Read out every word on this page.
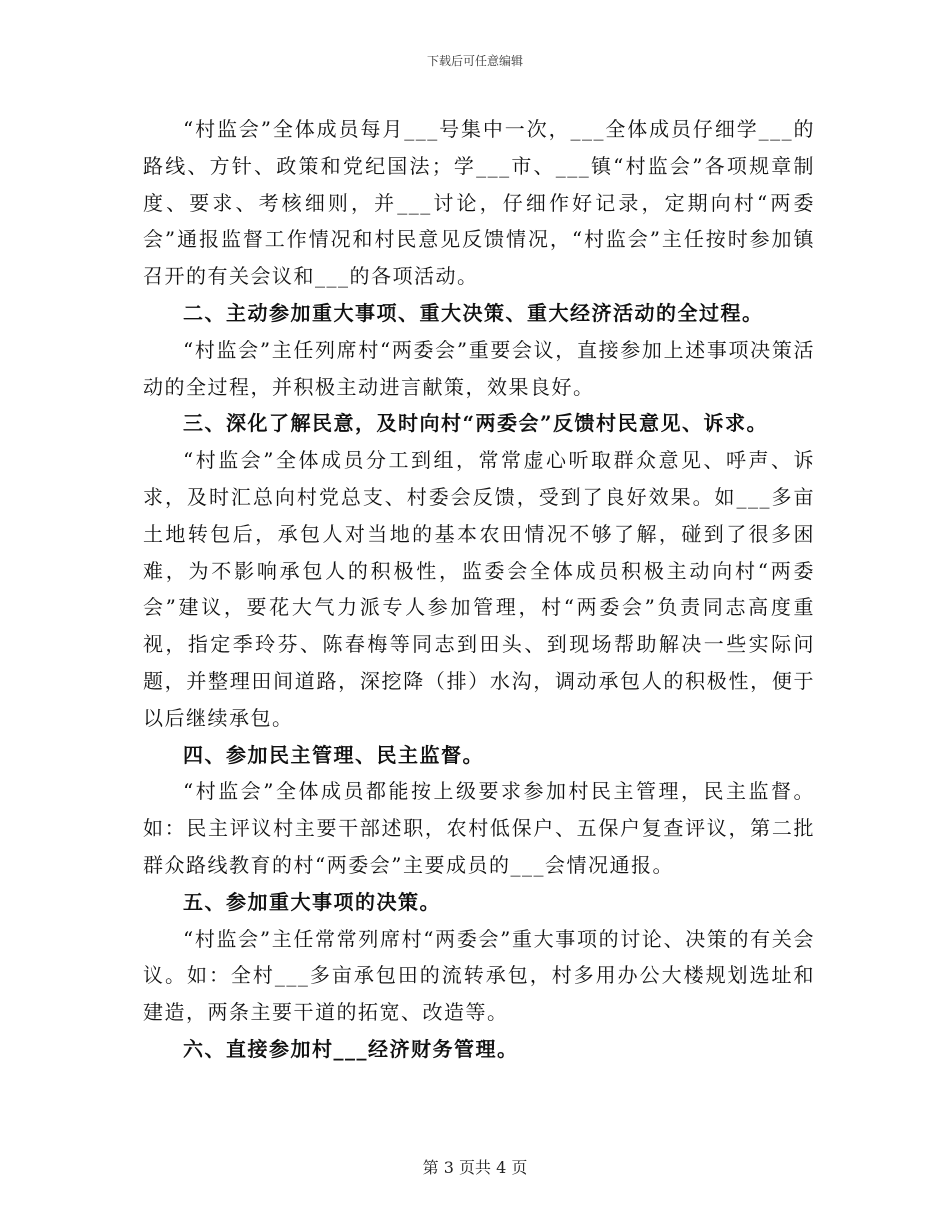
下载后可任意编辑

“村监会”全体成员每月___号集中一次，___全体成员仔细学___的路线、方针、政策和党纪国法；学___市、___镇“村监会”各项规章制度、要求、考核细则，并___讨论，仔细作好记录，定期向村“两委会”通报监督工作情况和村民意见反馈情况，“村监会”主任按时参加镇召开的有关会议和___的各项活动。

二、主动参加重大事项、重大决策、重大经济活动的全过程。

“村监会”主任列席村“两委会”重要会议，直接参加上述事项决策活动的全过程，并积极主动进言献策，效果良好。

三、深化了解民意，及时向村“两委会”反馈村民意见、诉求。

“村监会”全体成员分工到组，常常虚心听取群众意见、呼声、诉求，及时汇总向村党总支、村委会反馈，受到了良好效果。如___多亩土地转包后，承包人对当地的基本农田情况不够了解，碰到了很多困难，为不影响承包人的积极性，监委会全体成员积极主动向村“两委会”建议，要花大气力派专人参加管理，村“两委会”负责同志高度重视，指定季玲芬、陈春梅等同志到田头、到现场帮助解决一些实际问题，并整理田间道路，深挖降（排）水沟，调动承包人的积极性，便于以后继续承包。

四、参加民主管理、民主监督。

“村监会”全体成员都能按上级要求参加村民主管理，民主监督。如：民主评议村主要干部述职，农村低保户、五保户复查评议，第二批群众路线教育的村“两委会”主要成员的___会情况通报。

五、参加重大事项的决策。

“村监会”主任常常列席村“两委会”重大事项的讨论、决策的有关会议。如：全村___多亩承包田的流转承包，村多用办公大楼规划选址和建造，两条主要干道的拓宽、改造等。

六、直接参加村___经济财务管理。

第 3 页共 4 页
